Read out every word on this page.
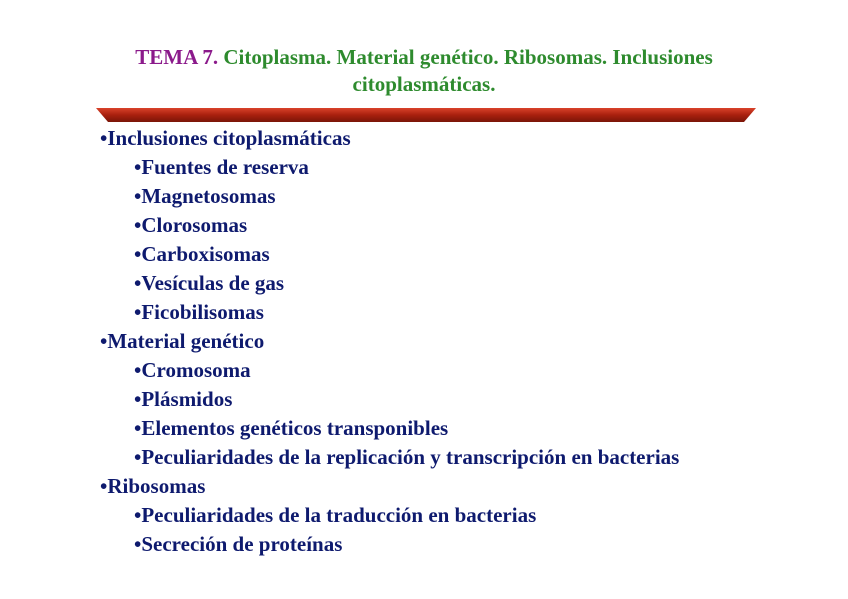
TEMA 7. Citoplasma. Material genético. Ribosomas. Inclusiones
citoplasmáticas.
•Inclusiones citoplasmáticas
•Fuentes de reserva
•Magnetosomas
•Clorosomas
•Carboxisomas
•Vesículas de gas
•Ficobilisomas
•Material genético
•Cromosoma
•Plásmidos
•Elementos genéticos transponibles
•Peculiaridades de la replicación y transcripción en bacterias
•Ribosomas
•Peculiaridades de la traducción en bacterias
•Secreción de proteínas
